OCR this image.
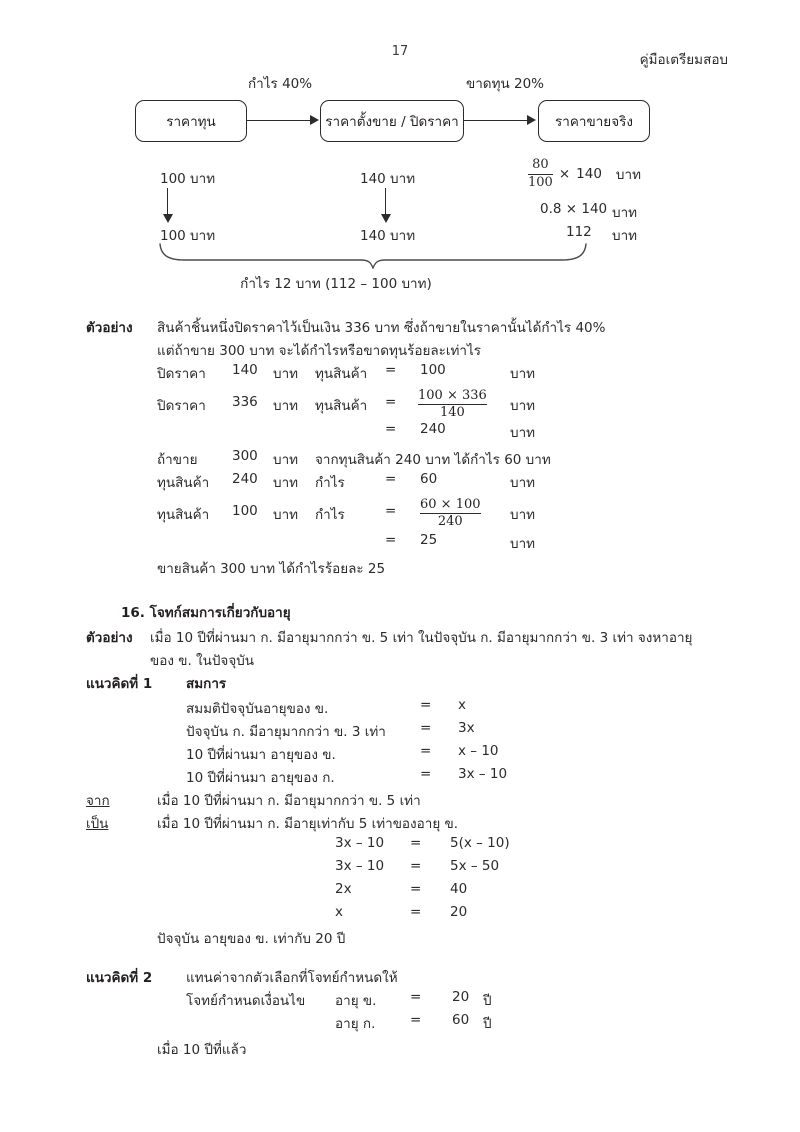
17
คู่มือเตรียมสอบ
กำไร 40%	ขาดทุน 20%
ราคาทุน	ราคาตั้งขาย / ปิดราคา	ราคาขายจริง
100 บาท	140 บาท	$\frac{80}{100} \times 140$ บาท
0.8 × 140 บาท
100 บาท	140 บาท	112 บาท
กำไร 12 บาท (112 – 100 บาท)
ตัวอย่าง สินค้าชิ้นหนึ่งปิดราคาไว้เป็นเงิน 336 บาท ซึ่งถ้าขายในราคานั้นได้กำไร 40%
แต่ถ้าขาย 300 บาท จะได้กำไรหรือขาดทุนร้อยละเท่าไร
ปิดราคา 140 บาท ทุนสินค้า = 100	บาท
ปิดราคา 336 บาท ทุนสินค้า = $\frac{100 \times 336}{140}$ บาท
= 240	บาท
ถ้าขาย	300 บาท จากทุนสินค้า 240 บาท ได้กำไร 60 บาท
ทุนสินค้า 240 บาท กำไร	= 60	บาท
ทุนสินค้า 100 บาท กำไร	= $\frac{60 \times 100}{240}$ บาท
= 25	บาท
ขายสินค้า 300 บาท ได้กำไรร้อยละ 25
16. โจทก์สมการเกี่ยวกับอายุ
ตัวอย่าง เมื่อ 10 ปีที่ผ่านมา ก. มีอายุมากกว่า ข. 5 เท่า ในปัจจุบัน ก. มีอายุมากกว่า ข. 3 เท่า จงหาอายุ
ของ ข. ในปัจจุบัน
แนวคิดที่ 1 สมการ
สมมติปัจจุบันอายุของ ข.	= x
ปัจจุบัน ก. มีอายุมากกว่า ข. 3 เท่า	= 3x
10 ปีที่ผ่านมา อายุของ ข.	= x – 10
10 ปีที่ผ่านมา อายุของ ก.	= 3x – 10
จาก	เมื่อ 10 ปีที่ผ่านมา ก. มีอายุมากกว่า ข. 5 เท่า
เป็น	เมื่อ 10 ปีที่ผ่านมา ก. มีอายุเท่ากับ 5 เท่าของอายุ ข.
3x – 10 = 5(x – 10)
3x – 10 = 5x – 50
2x	= 40
x	= 20
ปัจจุบัน อายุของ ข. เท่ากับ 20 ปี
แนวคิดที่ 2 แทนค่าจากตัวเลือกที่โจทย์กำหนดให้
โจทย์กำหนดเงื่อนไข อายุ ข. = 20 ปี
อายุ ก.	= 60 ปี
เมื่อ 10 ปีที่แล้ว
